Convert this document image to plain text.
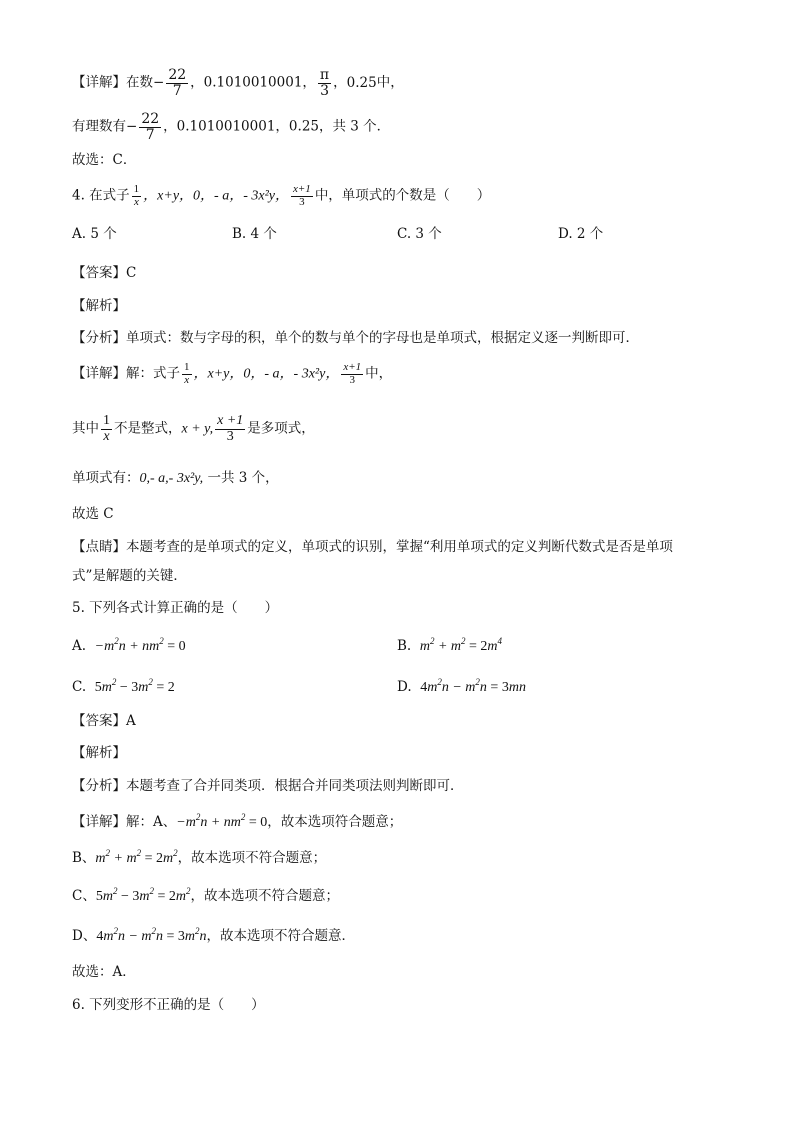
【详解】在数− $\frac{22}{7}$ ，0.1010010001， $\frac{\pi}{3}$ ，0.25中，
有理数有− $\frac{22}{7}$ ，0.1010010001，0.25，共 3 个．
故选：C．
4. 在式子 $\frac{1}{x}$ ，x+y，0，- a，- 3x²y， $\frac{x+1}{3}$ 中，单项式的个数是（　　）
A. 5 个	B. 4 个	C. 3 个	D. 2 个
【答案】C
【解析】
【分析】单项式：数与字母的积，单个的数与单个的字母也是单项式，根据定义逐一判断即可．
【详解】解：式子 $\frac{1}{x}$ ，x+y，0，- a，- 3x²y， $\frac{x+1}{3}$ 中，
其中 $\frac{1}{x}$ 不是整式，x + y, $\frac{x +1}{3}$ 是多项式，
单项式有：0,- a,- 3x²y, 一共 3 个，
故选 C
【点睛】本题考查的是单项式的定义，单项式的识别，掌握“利用单项式的定义判断代数式是否是单项
式”是解题的关键．
5. 下列各式计算正确的是（　　）
A. $-m^2n + nm^2 = 0$	B. $m^2 + m^2 = 2m^4$
C. $5m^2 - 3m^2 = 2$	D. $4m^2n - m^2n = 3mn$
【答案】A
【解析】
【分析】本题考查了合并同类项．根据合并同类项法则判断即可．
【详解】解：A、$-m^2n + nm^2 = 0$，故本选项符合题意；
B、$m^2 + m^2 = 2m^2$，故本选项不符合题意；
C、$5m^2 - 3m^2 = 2m^2$，故本选项不符合题意；
D、$4m^2n - m^2n = 3m^2n$，故本选项不符合题意．
故选：A．
6. 下列变形不正确的是（　　）
